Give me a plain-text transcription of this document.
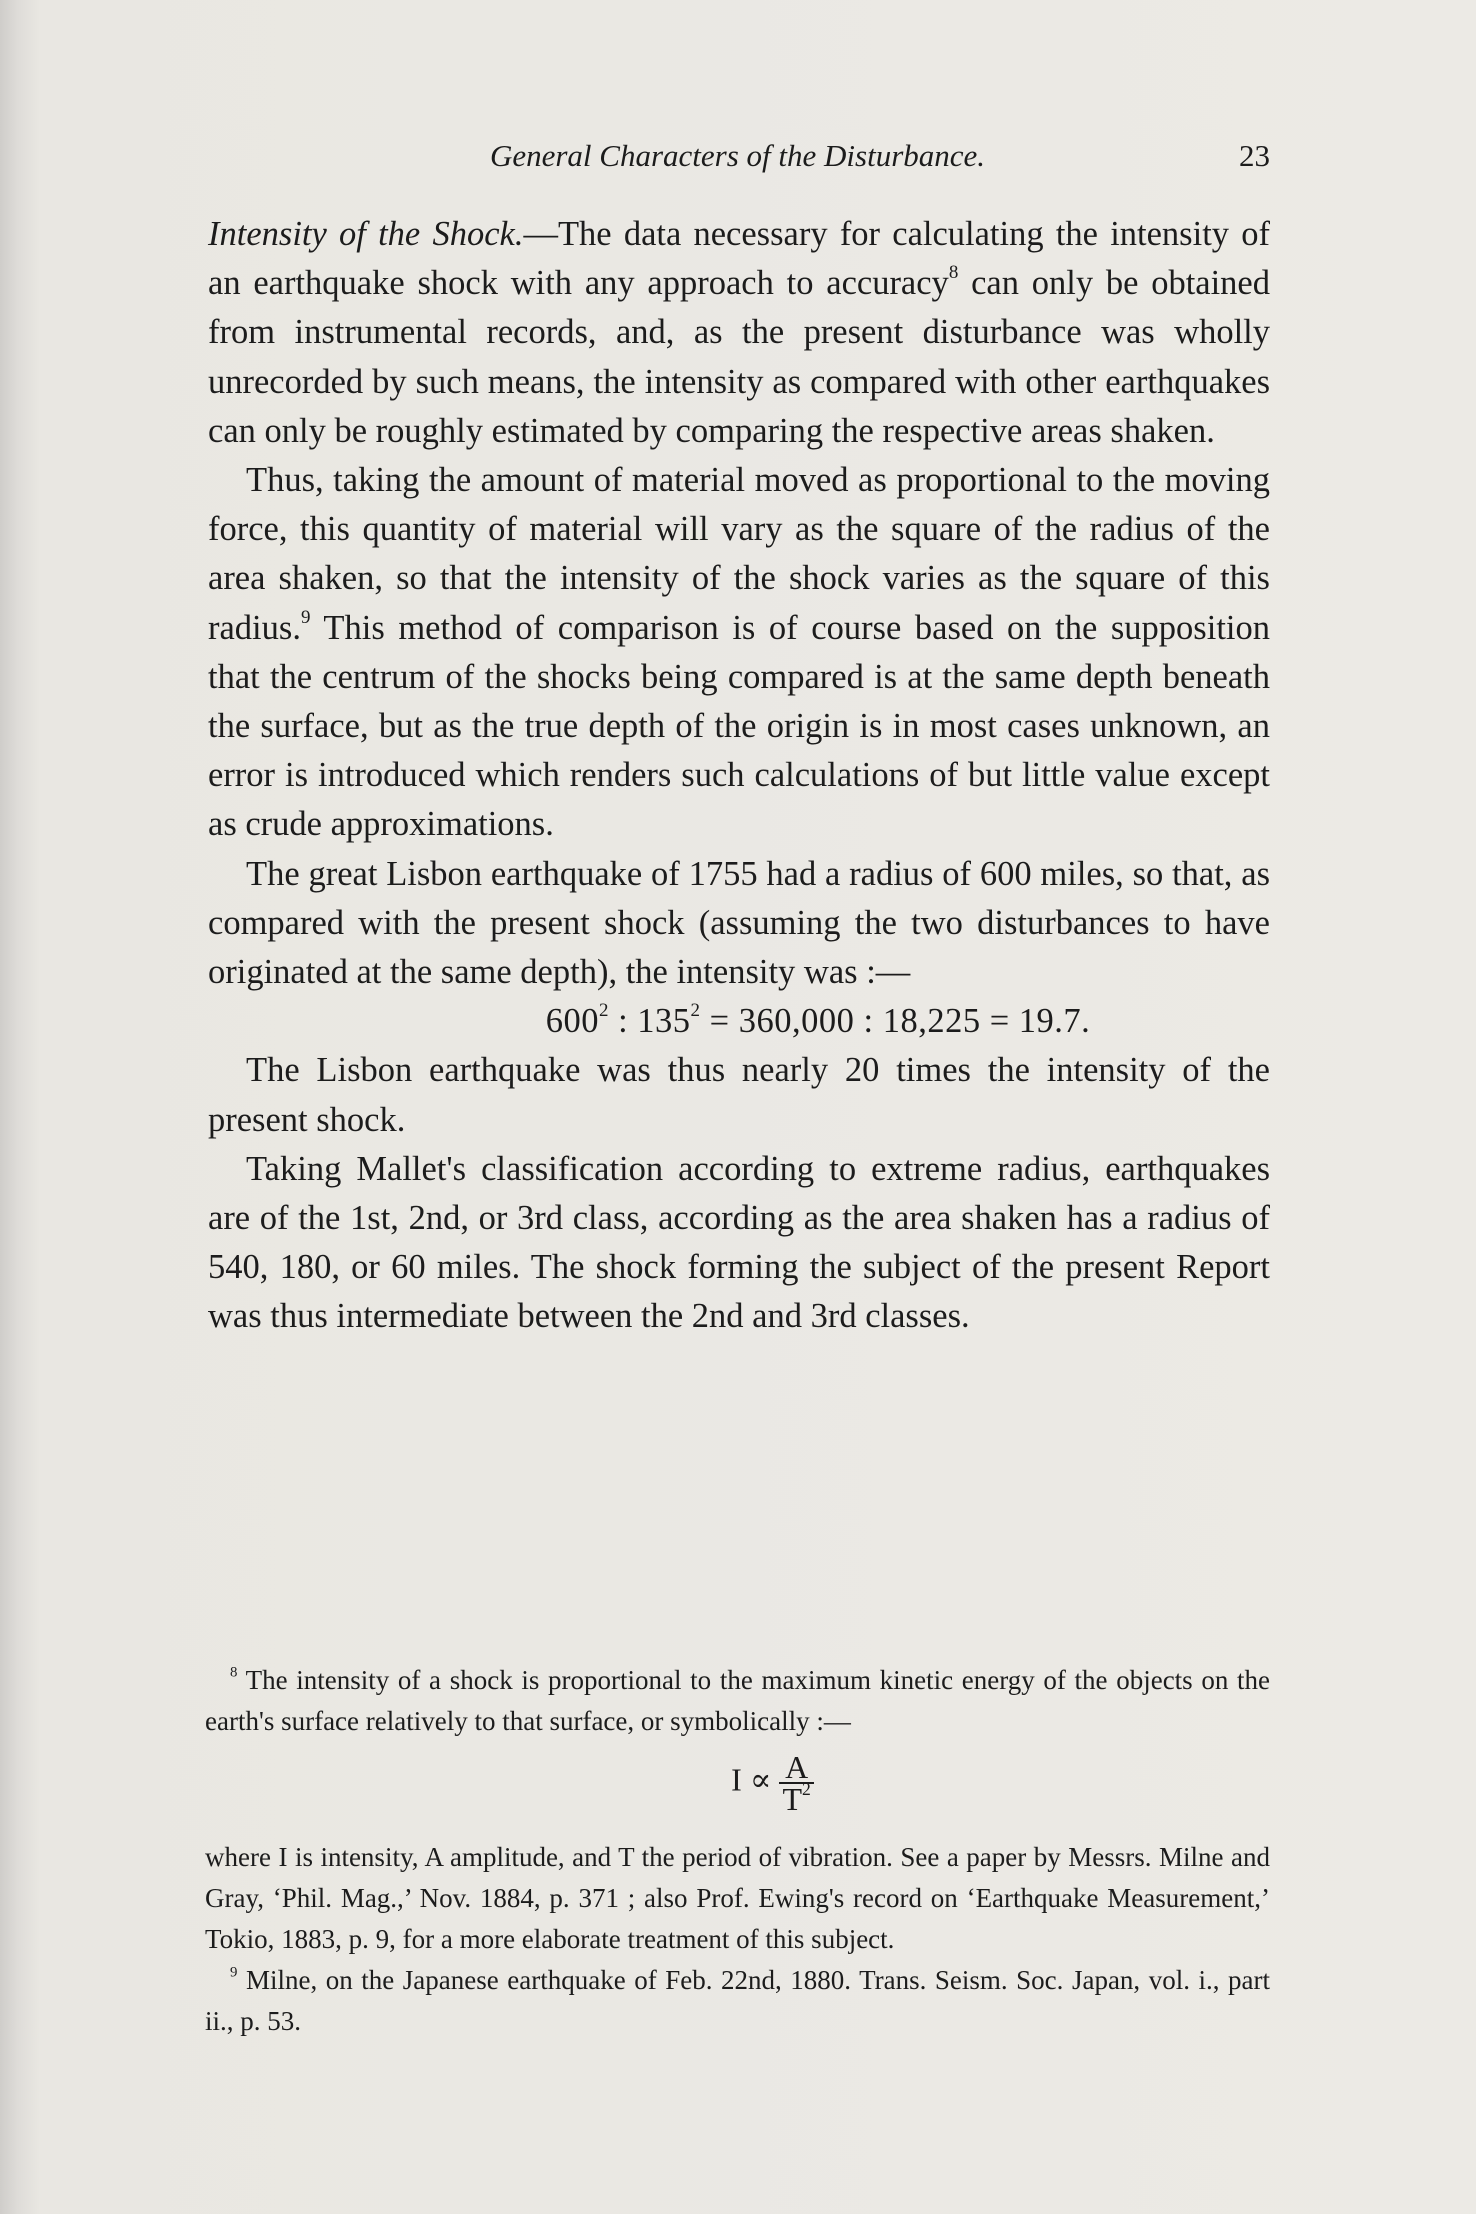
General Characters of the Disturbance.	23

Intensity of the Shock.—The data necessary for calculating the intensity of an earthquake shock with any approach to accuracy$^8$ can only be obtained from instrumental records, and, as the present disturbance was wholly unrecorded by such means, the intensity as compared with other earthquakes can only be roughly estimated by comparing the respective areas shaken.

Thus, taking the amount of material moved as proportional to the moving force, this quantity of material will vary as the square of the radius of the area shaken, so that the intensity of the shock varies as the square of this radius.$^9$ This method of comparison is of course based on the supposition that the centrum of the shocks being compared is at the same depth beneath the surface, but as the true depth of the origin is in most cases unknown, an error is introduced which renders such calculations of but little value except as crude approximations.

The great Lisbon earthquake of 1755 had a radius of 600 miles, so that, as compared with the present shock (assuming the two disturbances to have originated at the same depth), the intensity was :—

$600^2$ : $135^2 = 360,000$ : 18,225 = 19.7.

The Lisbon earthquake was thus nearly 20 times the intensity of the present shock.

Taking Mallet's classification according to extreme radius, earthquakes are of the 1st, 2nd, or 3rd class, according as the area shaken has a radius of 540, 180, or 60 miles. The shock forming the subject of the present Report was thus intermediate between the 2nd and 3rd classes.

$^8$ The intensity of a shock is proportional to the maximum kinetic energy of the objects on the earth's surface relatively to that surface, or symbolically :—

$I \propto \frac{A}{T^2}$

where I is intensity, A amplitude, and T the period of vibration. See a paper by Messrs. Milne and Gray, ‘Phil. Mag.,’ Nov. 1884, p. 371 ; also Prof. Ewing's record on ‘Earthquake Measurement,’ Tokio, 1883, p. 9, for a more elaborate treatment of this subject.

$^9$ Milne, on the Japanese earthquake of Feb. 22nd, 1880. Trans. Seism. Soc. Japan, vol. i., part ii., p. 53.
